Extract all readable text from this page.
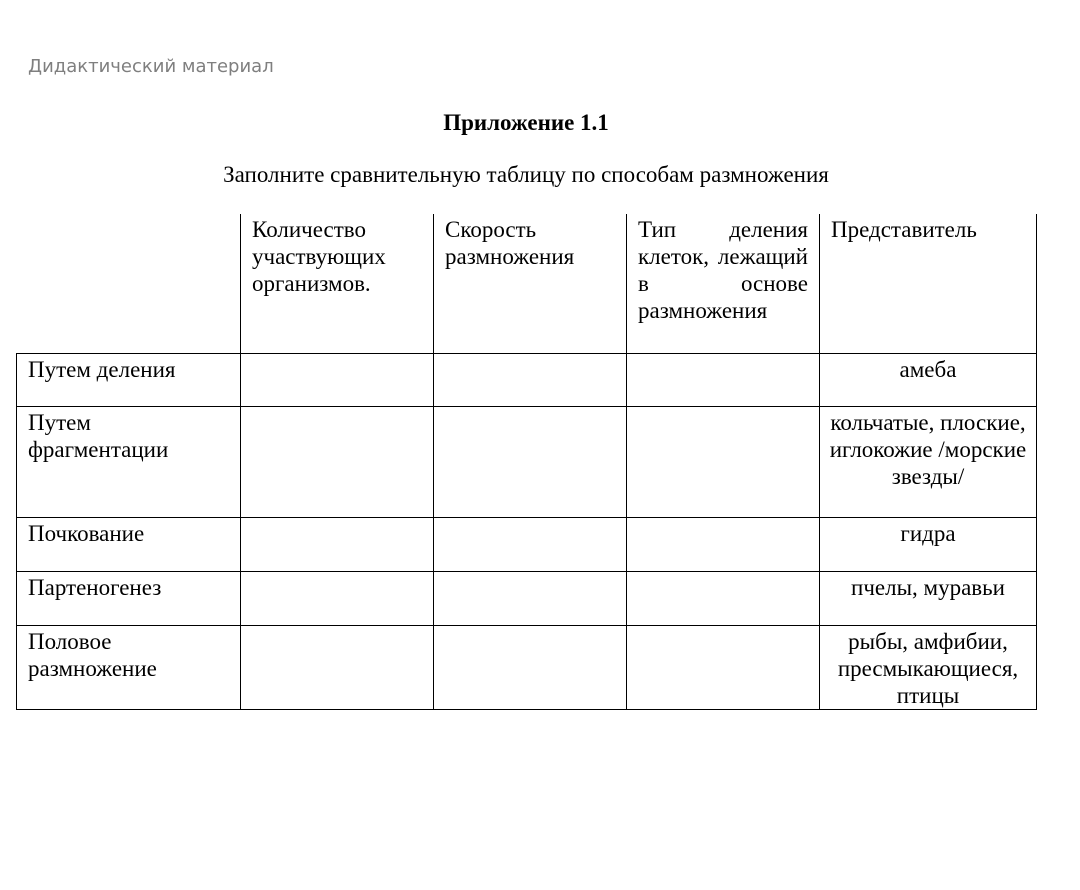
Дидактический материал
Приложение 1.1
Заполните сравнительную таблицу по способам размножения
	Количество участвующих организмов.	Скорость размножения	Тип деления клеток, лежащий в основе размножения	Представитель
Путем деления				амеба
Путем фрагментации				кольчатые, плоские, иглокожие /морские звезды/
Почкование				гидра
Партеногенез				пчелы, муравьи
Половое размножение				рыбы, амфибии, пресмыкающиеся, птицы
